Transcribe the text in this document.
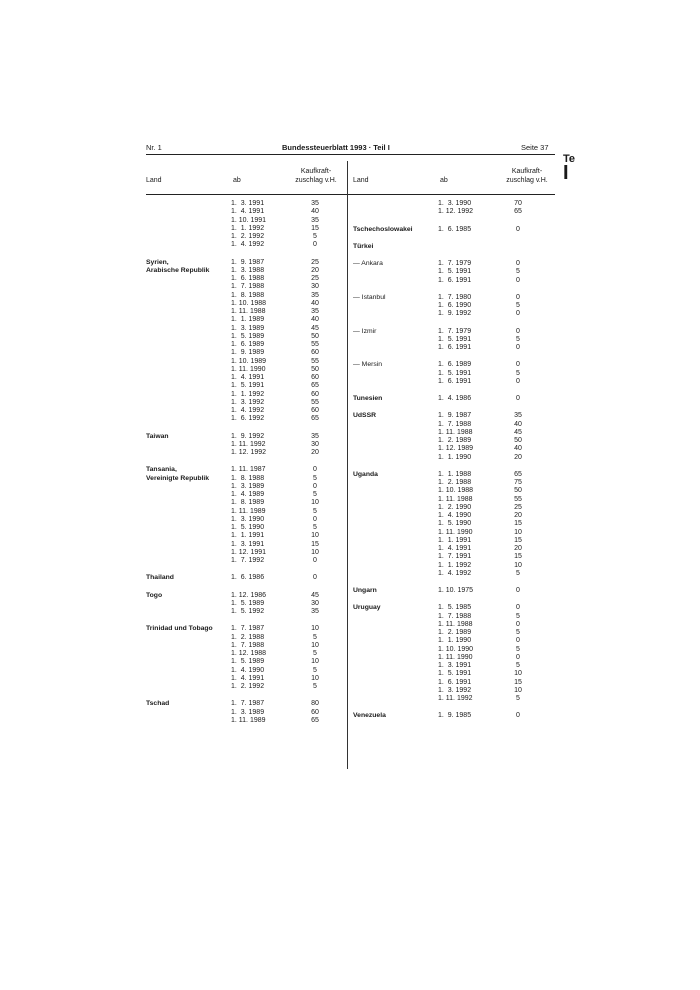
Nr. 1	Bundessteuerblatt 1993 · Teil I	Seite 37
Te
I
Land	ab
Kaufkraft-
zuschlag v.H.	Land	ab
Kaufkraft-
zuschlag v.H.
1.  3. 1991	35
1.  4. 1991	40
1. 10. 1991	35
1.  1. 1992	15
1.  2. 1992	5
1.  4. 1992	0
Syrien,	1.  9. 1987	25
Arabische Republik	1.  3. 1988	20
1.  6. 1988	25
1.  7. 1988	30
1.  8. 1988	35
1. 10. 1988	40
1. 11. 1988	35
1.  1. 1989	40
1.  3. 1989	45
1.  5. 1989	50
1.  6. 1989	55
1.  9. 1989	60
1. 10. 1989	55
1. 11. 1990	50
1.  4. 1991	60
1.  5. 1991	65
1.  1. 1992	60
1.  3. 1992	55
1.  4. 1992	60
1.  6. 1992	65
Taiwan	1.  9. 1992	35
1. 11. 1992	30
1. 12. 1992	20
Tansania,	1. 11. 1987	0
Vereinigte Republik	1.  8. 1988	5
1.  3. 1989	0
1.  4. 1989	5
1.  8. 1989	10
1. 11. 1989	5
1.  3. 1990	0
1.  5. 1990	5
1.  1. 1991	10
1.  3. 1991	15
1. 12. 1991	10
1.  7. 1992	0
Thailand	1.  6. 1986	0
Togo	1. 12. 1986	45
1.  5. 1989	30
1.  5. 1992	35
Trinidad und Tobago	1.  7. 1987	10
1.  2. 1988	5
1.  7. 1988	10
1. 12. 1988	5
1.  5. 1989	10
1.  4. 1990	5
1.  4. 1991	10
1.  2. 1992	5
Tschad	1.  7. 1987	80
1.  3. 1989	60
1. 11. 1989	65
1.  3. 1990	70
1. 12. 1992	65
Tschechoslowakei	1.  6. 1985	0
Türkei
— Ankara	1.  7. 1979	0
1.  5. 1991	5
1.  6. 1991	0
— Istanbul	1.  7. 1980	0
1.  6. 1990	5
1.  9. 1992	0
— Izmir	1.  7. 1979	0
1.  5. 1991	5
1.  6. 1991	0
— Mersin	1.  6. 1989	0
1.  5. 1991	5
1.  6. 1991	0
Tunesien	1.  4. 1986	0
UdSSR	1.  9. 1987	35
1.  7. 1988	40
1. 11. 1988	45
1.  2. 1989	50
1. 12. 1989	40
1.  1. 1990	20
Uganda	1.  1. 1988	65
1.  2. 1988	75
1. 10. 1988	50
1. 11. 1988	55
1.  2. 1990	25
1.  4. 1990	20
1.  5. 1990	15
1. 11. 1990	10
1.  1. 1991	15
1.  4. 1991	20
1.  7. 1991	15
1.  1. 1992	10
1.  4. 1992	5
Ungarn	1. 10. 1975	0
Uruguay	1.  5. 1985	0
1.  7. 1988	5
1. 11. 1988	0
1.  2. 1989	5
1.  1. 1990	0
1. 10. 1990	5
1. 11. 1990	0
1.  3. 1991	5
1.  5. 1991	10
1.  6. 1991	15
1.  3. 1992	10
1. 11. 1992	5
Venezuela	1.  9. 1985	0
